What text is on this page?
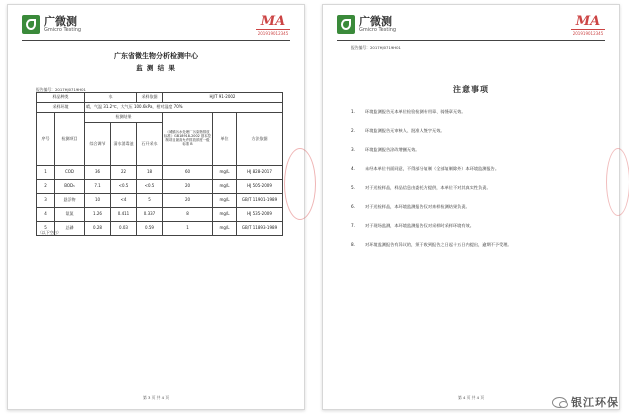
广微测
Gmicro Testing
MA
201919012345
广东省微生物分析检测中心
监 测 结 果
报告编号：2017HJ0719H01
样品种类		水		采样依据	HJ/T 91-2002		
采样环境		晴，气温 31.2℃，大气压 100.6kPa，相对湿度 70%					
序号	检测项目	检测结果			《城镇污水处理厂污染物排放标准》GB18918-2002 基本控制项目最高允许排放浓度一级标准 B	单位	方法依据
		综合调节	清水消毒池	石开采水			
1	COD	36	22	18	60	mg/L	HJ 828-2017
2	BOD₅	7.1	<0.5	<0.5	20	mg/L	HJ 505-2009
3	悬浮物	10	<4	5	20	mg/L	GB/T 11901-1989
4	氨氮	1.26	0.411	0.337	8	mg/L	HJ 535-2009
5	总磷	0.28	0.03	0.59	1	mg/L	GB/T 11893-1989
（以下空白）
第 3 页 共 4 页
广微测
Gmicro Testing
MA
201919012345
报告编号：2017HJ0719H01
注意事项
1.	环境监测报告无本单位检验检测专用章、骑缝章无效。
2.	环境监测报告无审核人、批准人签字无效。
3.	环境监测报告涂改增删无效。
4.	未经本单位书面同意，不得部分复制（全部复制除外）本环境监测报告。
5.	对于送检样品，样品信息由委托方提供，本单位不对其真实性负责。
6.	对于送检样品，本环境监测报告仅对来样检测结果负责。
7.	对于现场监测，本环境监测报告仅对采样时采样环境有效。
8.	对环境监测报告有异议的，须于收到报告之日起十五日内提出，逾期不予受理。
第 4 页 共 4 页	银江环保
